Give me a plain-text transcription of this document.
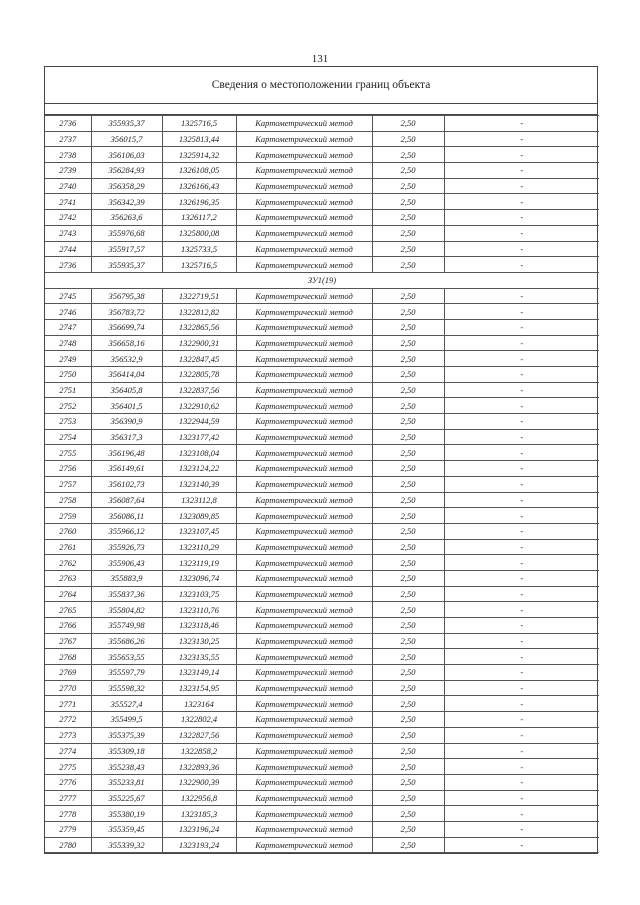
131
Сведения о местоположении границ объекта
2736	355935,37	1325716,5	Картометрический метод	2,50	-
2737	356015,7	1325813,44	Картометрический метод	2,50	-
2738	356106,03	1325914,32	Картометрический метод	2,50	-
2739	356284,93	1326108,05	Картометрический метод	2,50	-
2740	356358,29	1326166,43	Картометрический метод	2,50	-
2741	356342,39	1326196,35	Картометрический метод	2,50	-
2742	356263,6	1326117,2	Картометрический метод	2,50	-
2743	355976,68	1325800,08	Картометрический метод	2,50	-
2744	355917,57	1325733,5	Картометрический метод	2,50	-
2736	355935,37	1325716,5	Картометрический метод	2,50	-
ЗУ1(19)					
2745	356795,38	1322719,51	Картометрический метод	2,50	-
2746	356783,72	1322812,82	Картометрический метод	2,50	-
2747	356699,74	1322865,56	Картометрический метод	2,50	-
2748	356658,16	1322900,31	Картометрический метод	2,50	-
2749	356532,9	1322847,45	Картометрический метод	2,50	-
2750	356414,04	1322805,78	Картометрический метод	2,50	-
2751	356405,8	1322837,56	Картометрический метод	2,50	-
2752	356401,5	1322910,62	Картометрический метод	2,50	-
2753	356390,9	1322944,59	Картометрический метод	2,50	-
2754	356317,3	1323177,42	Картометрический метод	2,50	-
2755	356196,48	1323108,04	Картометрический метод	2,50	-
2756	356149,61	1323124,22	Картометрический метод	2,50	-
2757	356102,73	1323140,39	Картометрический метод	2,50	-
2758	356087,64	1323112,8	Картометрический метод	2,50	-
2759	356086,11	1323089,85	Картометрический метод	2,50	-
2760	355966,12	1323107,45	Картометрический метод	2,50	-
2761	355926,73	1323110,29	Картометрический метод	2,50	-
2762	355906,43	1323119,19	Картометрический метод	2,50	-
2763	355883,9	1323096,74	Картометрический метод	2,50	-
2764	355837,36	1323103,75	Картометрический метод	2,50	-
2765	355804,82	1323110,76	Картометрический метод	2,50	-
2766	355749,98	1323118,46	Картометрический метод	2,50	-
2767	355686,26	1323130,25	Картометрический метод	2,50	-
2768	355653,55	1323135,55	Картометрический метод	2,50	-
2769	355597,79	1323149,14	Картометрический метод	2,50	-
2770	355598,32	1323154,95	Картометрический метод	2,50	-
2771	355527,4	1323164	Картометрический метод	2,50	-
2772	355499,5	1322802,4	Картометрический метод	2,50	-
2773	355375,39	1322827,56	Картометрический метод	2,50	-
2774	355309,18	1322858,2	Картометрический метод	2,50	-
2775	355238,43	1322893,36	Картометрический метод	2,50	-
2776	355233,81	1322900,39	Картометрический метод	2,50	-
2777	355225,67	1322956,8	Картометрический метод	2,50	-
2778	355380,19	1323185,3	Картометрический метод	2,50	-
2779	355359,45	1323196,24	Картометрический метод	2,50	-
2780	355339,32	1323193,24	Картометрический метод	2,50	-
